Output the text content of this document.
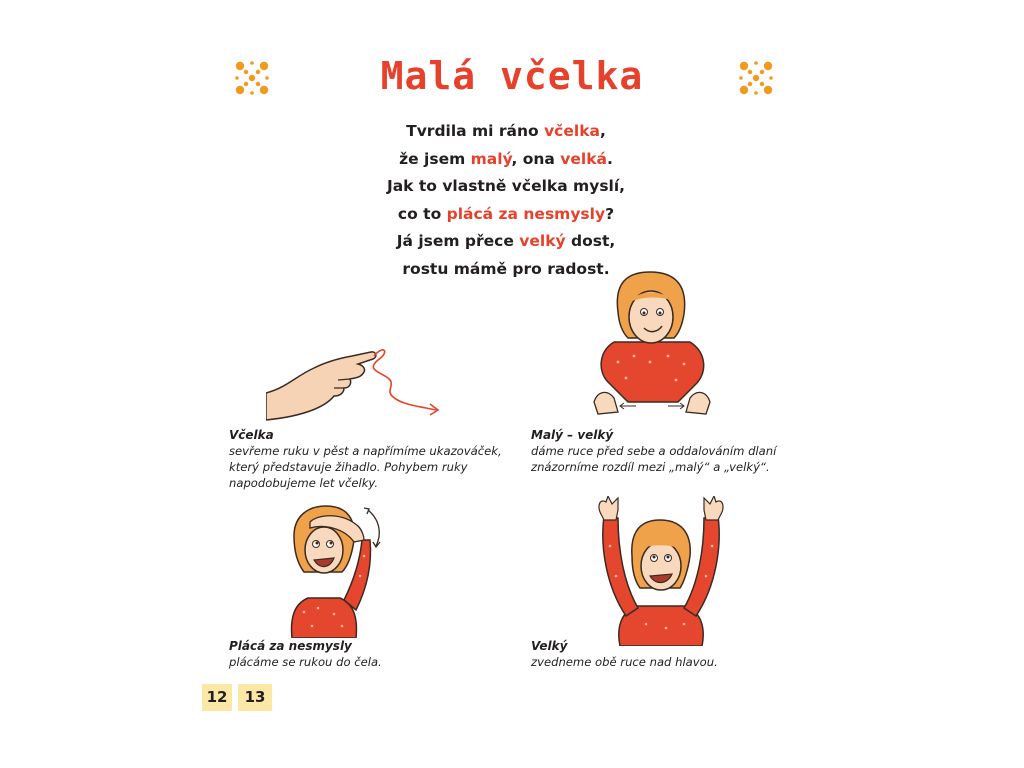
Malá včelka
Tvrdila mi ráno včelka,
že jsem malý, ona velká.
Jak to vlastně včelka myslí,
co to plácá za nesmysly?
Já jsem přece velký dost,
rostu mámě pro radost.
Včelka
sevřeme ruku v pěst a napřímíme ukazováček,
který představuje žihadlo. Pohybem ruky
napodobujeme let včelky.
Malý – velký
dáme ruce před sebe a oddalováním dlaní
znázorníme rozdíl mezi „malý“ a „velký“.
Plácá za nesmysly
plácáme se rukou do čela.
Velký
zvedneme obě ruce nad hlavou.
12	13
